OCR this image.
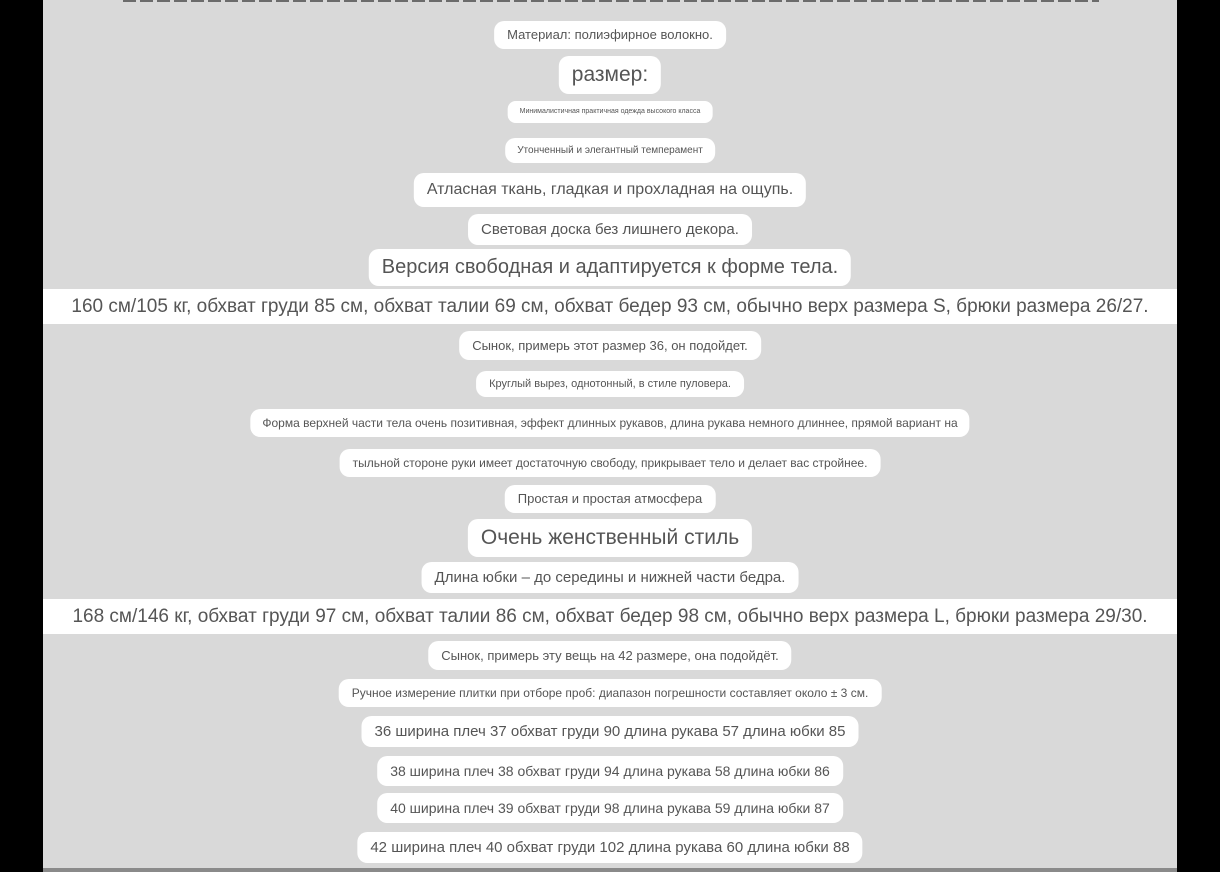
Материал: полиэфирное волокно.
размер:
Минималистичная практичная одежда высокого класса
Утонченный и элегантный темперамент
Атласная ткань, гладкая и прохладная на ощупь.
Световая доска без лишнего декора.
Версия свободная и адаптируется к форме тела.
160 см/105 кг, обхват груди 85 см, обхват талии 69 см, обхват бедер 93 см, обычно верх размера S, брюки размера 26/27.
Сынок, примерь этот размер 36, он подойдет.
Круглый вырез, однотонный, в стиле пуловера.
Форма верхней части тела очень позитивная, эффект длинных рукавов, длина рукава немного длиннее, прямой вариант на
тыльной стороне руки имеет достаточную свободу, прикрывает тело и делает вас стройнее.
Простая и простая атмосфера
Очень женственный стиль
Длина юбки – до середины и нижней части бедра.
168 см/146 кг, обхват груди 97 см, обхват талии 86 см, обхват бедер 98 см, обычно верх размера L, брюки размера 29/30.
Сынок, примерь эту вещь на 42 размере, она подойдёт.
Ручное измерение плитки при отборе проб: диапазон погрешности составляет около ± 3 см.
36 ширина плеч 37 обхват груди 90 длина рукава 57 длина юбки 85
38 ширина плеч 38 обхват груди 94 длина рукава 58 длина юбки 86
40 ширина плеч 39 обхват груди 98 длина рукава 59 длина юбки 87
42 ширина плеч 40 обхват груди 102 длина рукава 60 длина юбки 88
